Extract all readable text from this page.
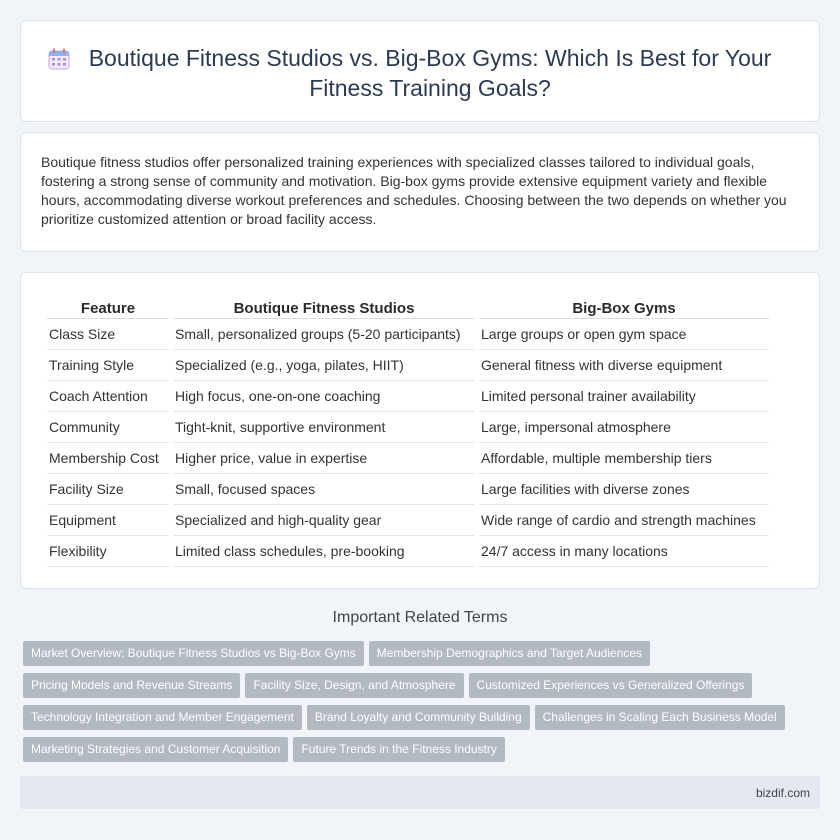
Boutique Fitness Studios vs. Big-Box Gyms: Which Is Best for Your Fitness Training Goals?

Boutique fitness studios offer personalized training experiences with specialized classes tailored to individual goals, fostering a strong sense of community and motivation. Big-box gyms provide extensive equipment variety and flexible hours, accommodating diverse workout preferences and schedules. Choosing between the two depends on whether you prioritize customized attention or broad facility access.

Feature	Boutique Fitness Studios	Big-Box Gyms
Class Size	Small, personalized groups (5-20 participants)	Large groups or open gym space
Training Style	Specialized (e.g., yoga, pilates, HIIT)	General fitness with diverse equipment
Coach Attention	High focus, one-on-one coaching	Limited personal trainer availability
Community	Tight-knit, supportive environment	Large, impersonal atmosphere
Membership Cost	Higher price, value in expertise	Affordable, multiple membership tiers
Facility Size	Small, focused spaces	Large facilities with diverse zones
Equipment	Specialized and high-quality gear	Wide range of cardio and strength machines
Flexibility	Limited class schedules, pre-booking	24/7 access in many locations
Important Related Terms
Market Overview: Boutique Fitness Studios vs Big-Box Gyms Membership Demographics and Target Audiences
Pricing Models and Revenue Streams Facility Size, Design, and Atmosphere Customized Experiences vs Generalized Offerings
Technology Integration and Member Engagement Brand Loyalty and Community Building Challenges in Scaling Each Business Model
Marketing Strategies and Customer Acquisition Future Trends in the Fitness Industry
bizdif.com
